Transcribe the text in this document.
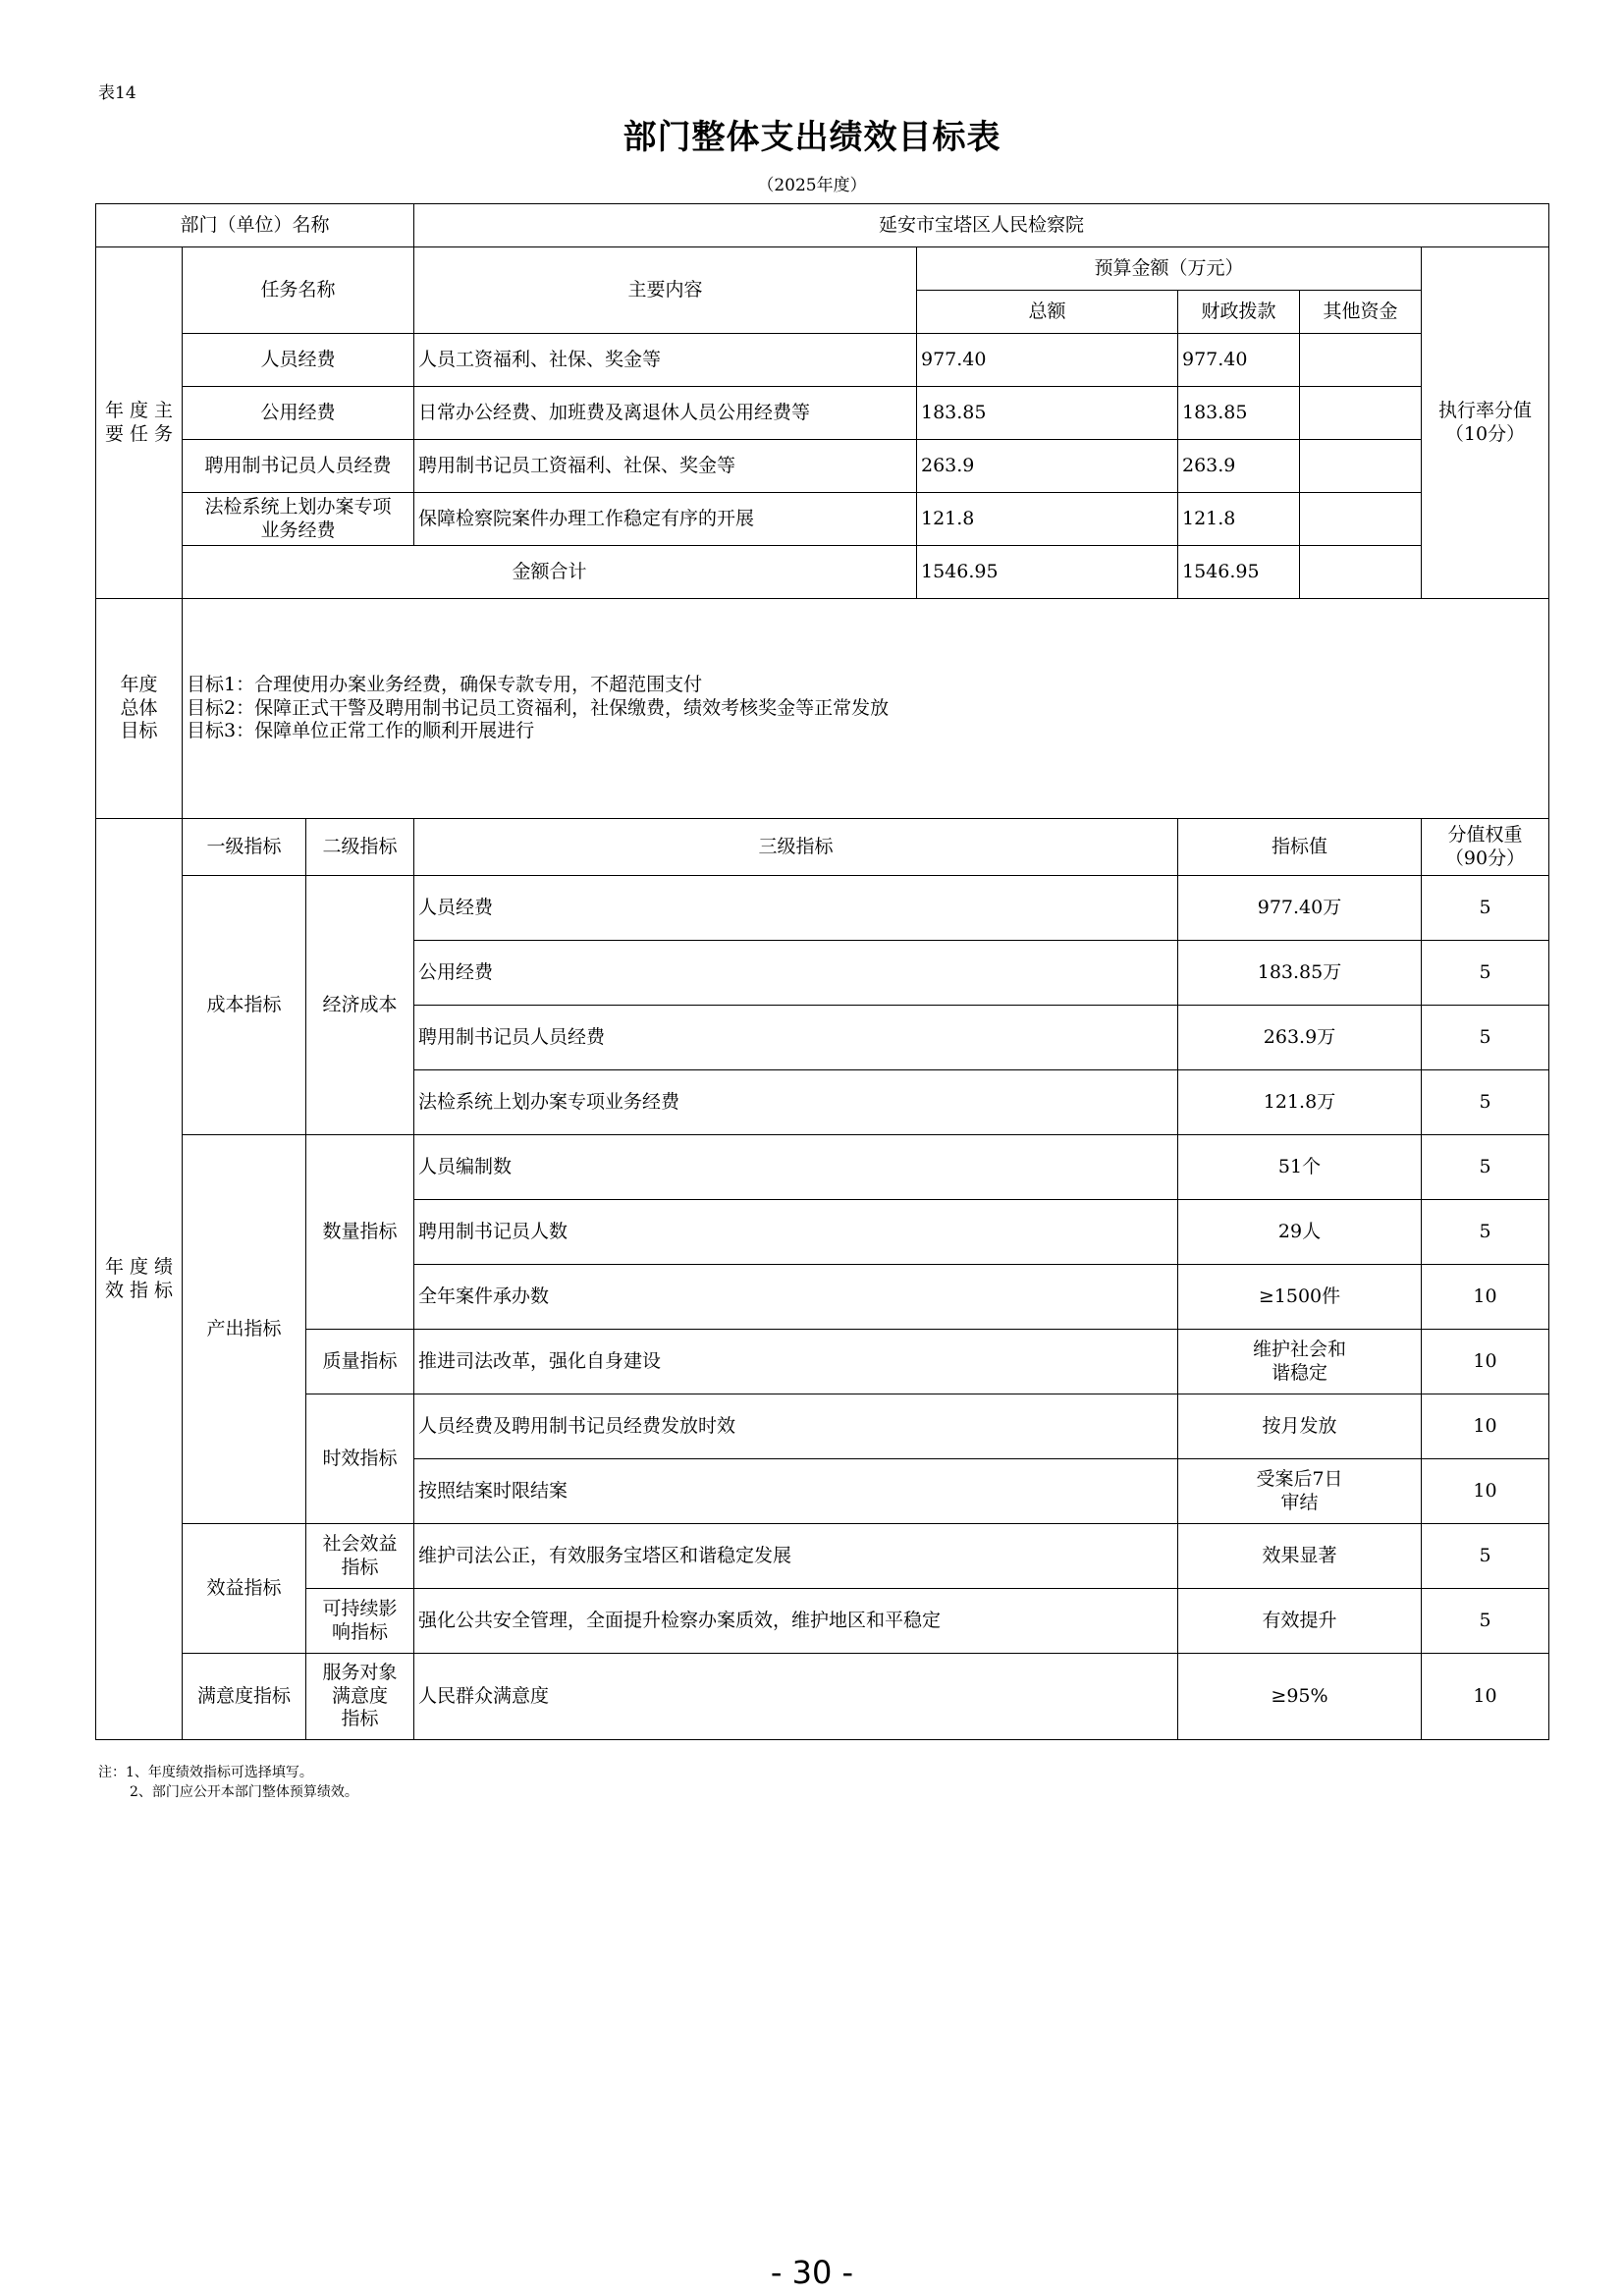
表14
部门整体支出绩效目标表
（2025年度）
部门（单位）名称			延安市宝塔区人民检察院				
年 度 主
要 任 务	任务名称		主要内容	预算金额（万元）			执行率分值
（10分）
				总额	财政拨款	其他资金	
	人员经费		人员工资福利、社保、奖金等	977.40	977.40		
	公用经费		日常办公经费、加班费及离退休人员公用经费等	183.85	183.85		
	聘用制书记员人员经费		聘用制书记员工资福利、社保、奖金等	263.9	263.9		
	法检系统上划办案专项
业务经费		保障检察院案件办理工作稳定有序的开展	121.8	121.8		
	金额合计			1546.95	1546.95		
年度
总体
目标	目标1：合理使用办案业务经费，确保专款专用，不超范围支付
目标2：保障正式干警及聘用制书记员工资福利，社保缴费，绩效考核奖金等正常发放
目标3：保障单位正常工作的顺利开展进行						

年 度 绩
效 指 标	一级指标	二级指标	三级指标		指标值		分值权重
（90分）
	成本指标	经济成本	人员经费		977.40万		5
			公用经费		183.85万		5
			聘用制书记员人员经费		263.9万		5
			法检系统上划办案专项业务经费		121.8万		5
	产出指标	数量指标	人员编制数		51个		5
			聘用制书记员人数		29人		5
			全年案件承办数		≥1500件		10
		质量指标	推进司法改革，强化自身建设		维护社会和
谐稳定		10
		时效指标	人员经费及聘用制书记员经费发放时效		按月发放		10
			按照结案时限结案		受案后7日
审结		10
	效益指标	社会效益
指标	维护司法公正，有效服务宝塔区和谐稳定发展		效果显著		5
		可持续影
响指标	强化公共安全管理，全面提升检察办案质效，维护地区和平稳定		有效提升		5
	满意度指标	服务对象
满意度
指标	人民群众满意度		≥95%		10
注：1、年度绩效指标可选择填写。
2、部门应公开本部门整体预算绩效。
- 30 -
